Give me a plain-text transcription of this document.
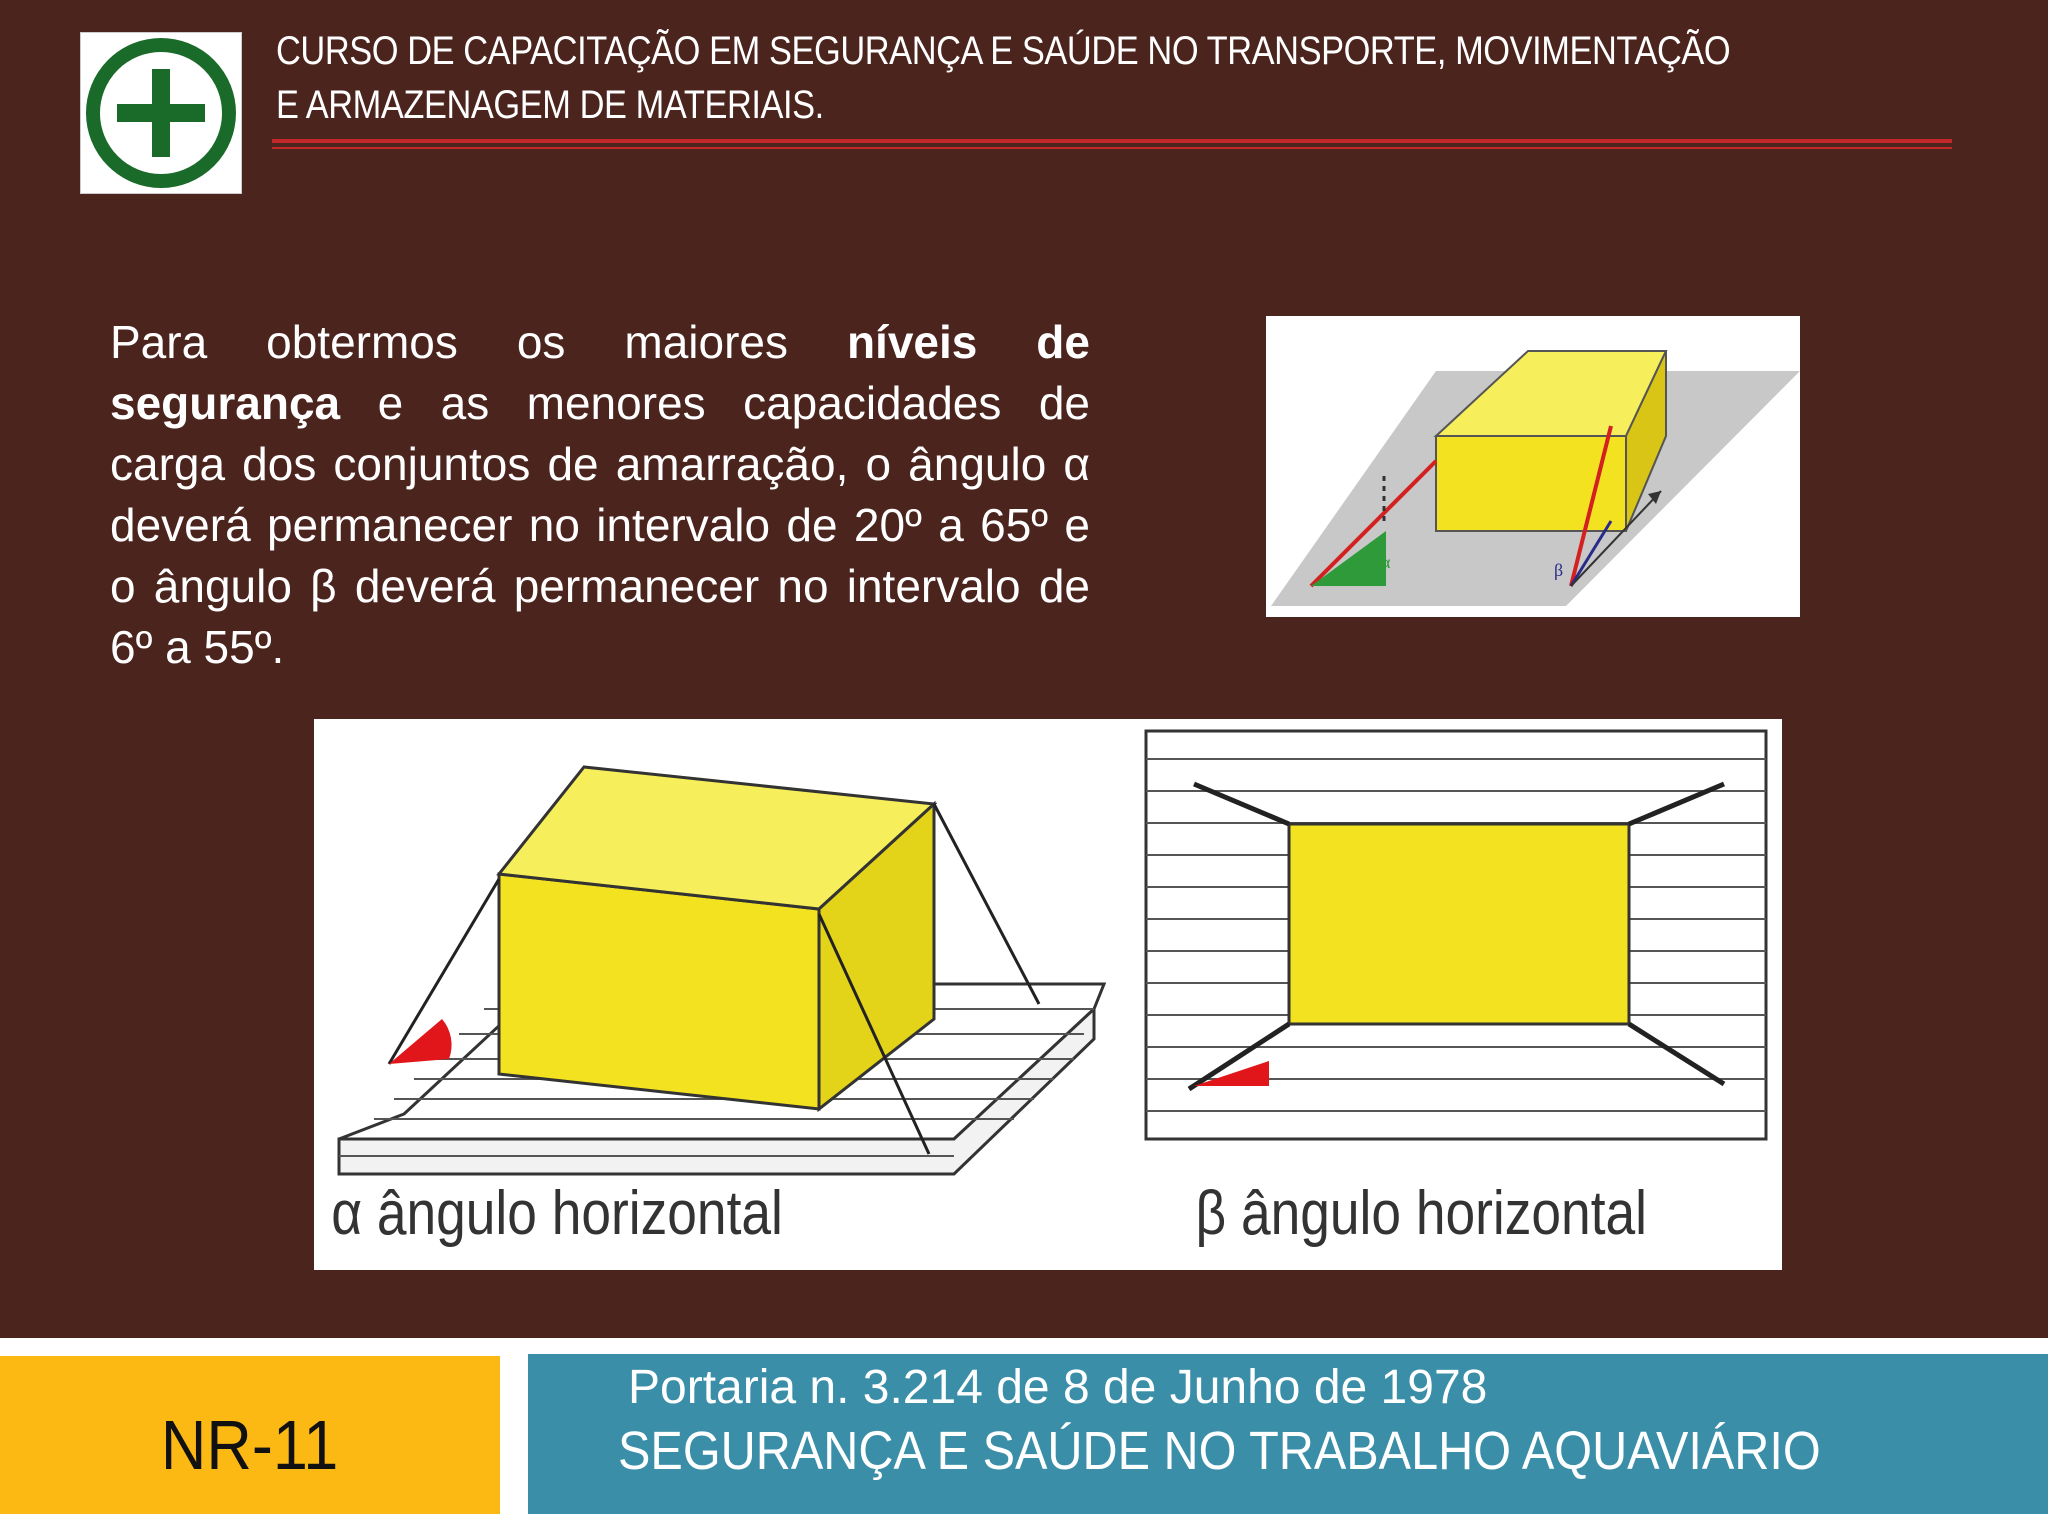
CURSO DE CAPACITAÇÃO EM SEGURANÇA E SAÚDE NO TRANSPORTE, MOVIMENTAÇÃO E ARMAZENAGEM DE MATERIAIS.
Para obtermos os maiores níveis de segurança e as menores capacidades de carga dos conjuntos de amarração, o ângulo α deverá permanecer no intervalo de 20º a 65º e o ângulo β deverá permanecer no intervalo de 6º a 55º.
α	β
α ângulo horizontal	β ângulo horizontal
NR-11
Portaria n. 3.214 de 8 de Junho de 1978
SEGURANÇA E SAÚDE NO TRABALHO AQUAVIÁRIO
